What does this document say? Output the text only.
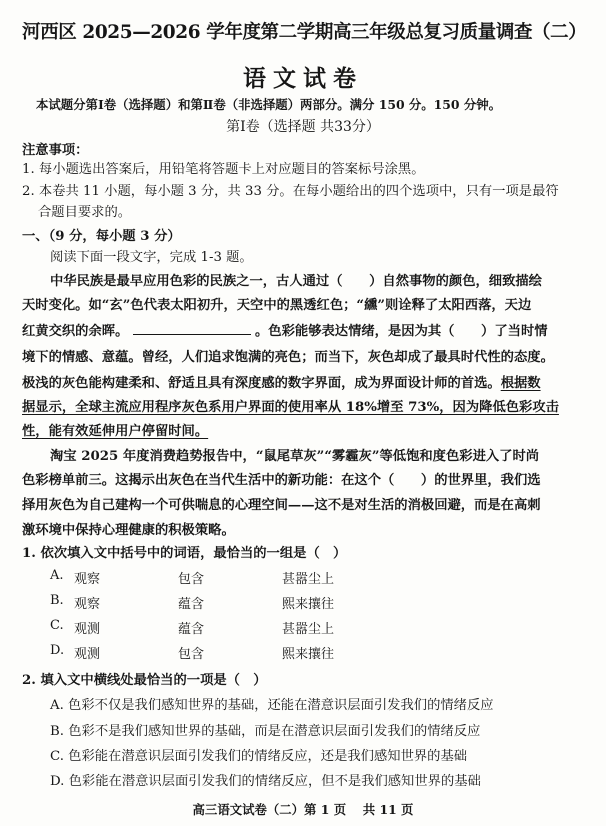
河西区 2025—2026 学年度第二学期高三年级总复习质量调查（二）
语文试卷
本试题分第Ⅰ卷（选择题）和第Ⅱ卷（非选择题）两部分。满分 150 分。150 分钟。
第Ⅰ卷（选择题 共33分）
注意事项：
1. 每小题选出答案后，用铅笔将答题卡上对应题目的答案标号涂黑。
2. 本卷共 11 小题，每小题 3 分，共 33 分。在每小题给出的四个选项中，只有一项是最符
合题目要求的。
一、（9 分，每小题 3 分）
阅读下面一段文字，完成 1-3 题。
中华民族是最早应用色彩的民族之一，古人通过（　　）自然事物的颜色，细致描绘
天时变化。如“玄”色代表太阳初升，天空中的黑透红色；“纁”则诠释了太阳西落，天边
红黄交织的余晖。	。色彩能够表达情绪，是因为其（　　）了当时情
境下的情感、意蕴。曾经，人们追求饱满的亮色；而当下，灰色却成了最具时代性的态度。
极浅的灰色能构建柔和、舒适且具有深度感的数字界面，成为界面设计师的首选。根据数
据显示，全球主流应用程序灰色系用户界面的使用率从 18%增至 73%，因为降低色彩攻击
性，能有效延伸用户停留时间。
淘宝 2025 年度消费趋势报告中，“鼠尾草灰”“雾霾灰”等低饱和度色彩进入了时尚
色彩榜单前三。这揭示出灰色在当代生活中的新功能：在这个（　　）的世界里，我们选
择用灰色为自己建构一个可供喘息的心理空间——这不是对生活的消极回避，而是在高刺
激环境中保持心理健康的积极策略。
1. 依次填入文中括号中的词语，最恰当的一组是（　）
A. 观察	包含	甚嚣尘上
B. 观察	蕴含	熙来攘往
C. 观测	蕴含	甚嚣尘上
D. 观测	包含	熙来攘往
2. 填入文中横线处最恰当的一项是（　）
A. 色彩不仅是我们感知世界的基础，还能在潜意识层面引发我们的情绪反应
B. 色彩不是我们感知世界的基础，而是在潜意识层面引发我们的情绪反应
C. 色彩能在潜意识层面引发我们的情绪反应，还是我们感知世界的基础
D. 色彩能在潜意识层面引发我们的情绪反应，但不是我们感知世界的基础
高三语文试卷（二）第 1 页　 共 11 页
